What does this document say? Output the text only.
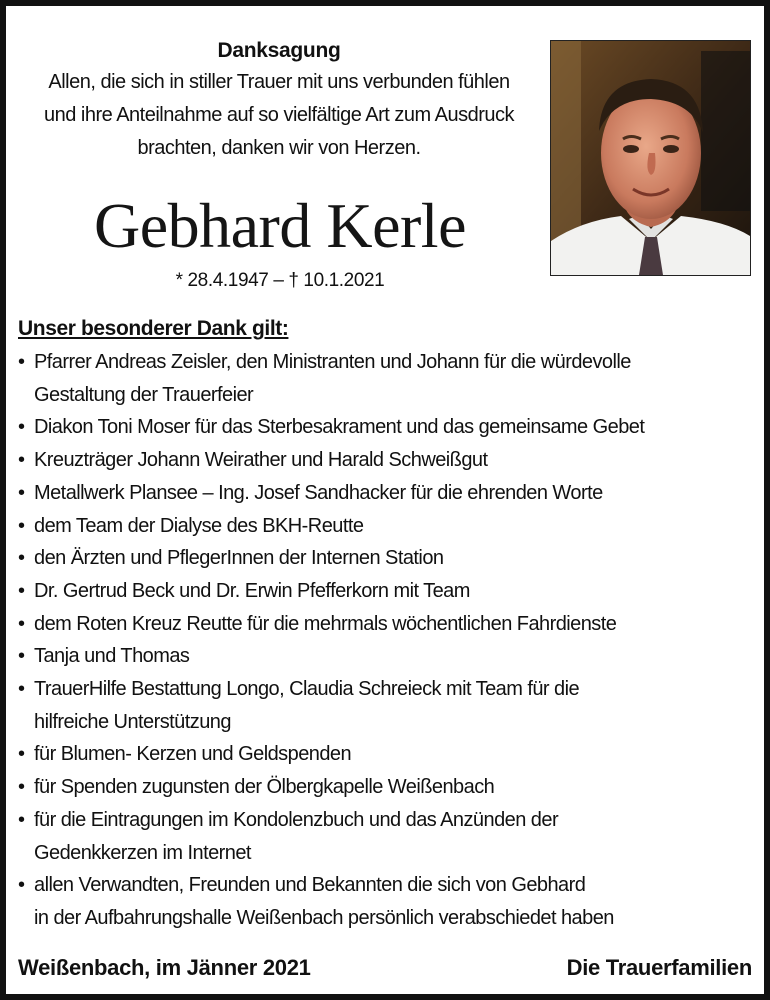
Danksagung
Allen, die sich in stiller Trauer mit uns verbunden fühlen
und ihre Anteilnahme auf so vielfältige Art zum Ausdruck
brachten, danken wir von Herzen.
Gebhard Kerle
* 28.4.1947 – † 10.1.2021
Unser besonderer Dank gilt:
• Pfarrer Andreas Zeisler, den Ministranten und Johann für die würdevolle
Gestaltung der Trauerfeier
• Diakon Toni Moser für das Sterbesakrament und das gemeinsame Gebet
• Kreuzträger Johann Weirather und Harald Schweißgut
• Metallwerk Plansee – Ing. Josef Sandhacker für die ehrenden Worte
• dem Team der Dialyse des BKH-Reutte
• den Ärzten und PflegerInnen der Internen Station
• Dr. Gertrud Beck und Dr. Erwin Pfefferkorn mit Team
• dem Roten Kreuz Reutte für die mehrmals wöchentlichen Fahrdienste
• Tanja und Thomas
• TrauerHilfe Bestattung Longo, Claudia Schreieck mit Team für die
hilfreiche Unterstützung
• für Blumen- Kerzen und Geldspenden
• für Spenden zugunsten der Ölbergkapelle Weißenbach
• für die Eintragungen im Kondolenzbuch und das Anzünden der
Gedenkkerzen im Internet
• allen Verwandten, Freunden und Bekannten die sich von Gebhard
in der Aufbahrungshalle Weißenbach persönlich verabschiedet haben
Weißenbach, im Jänner 2021	Die Trauerfamilien
